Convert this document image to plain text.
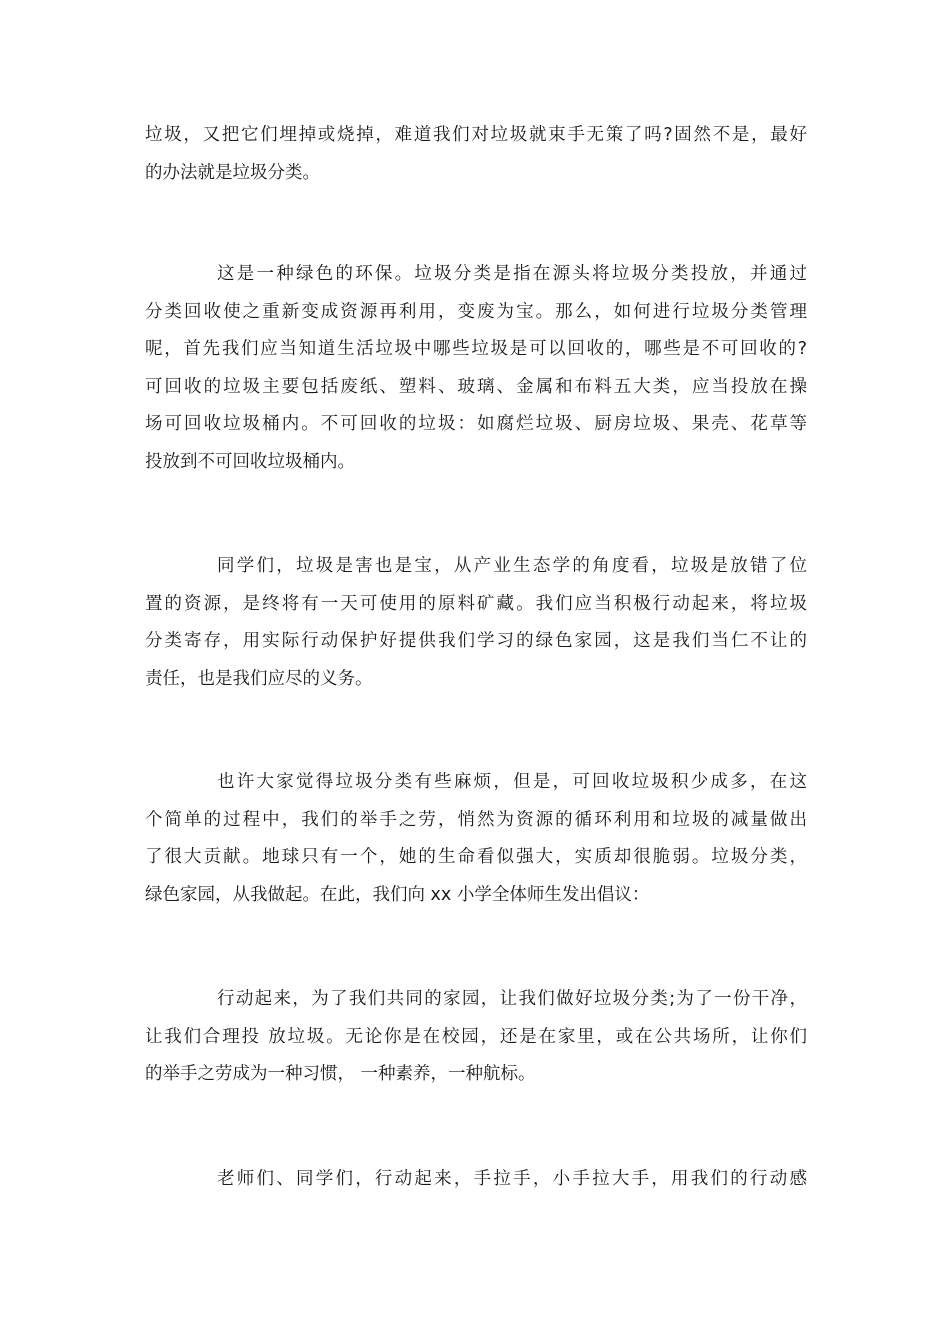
垃圾，又把它们埋掉或烧掉，难道我们对垃圾就束手无策了吗?固然不是，最好
的办法就是垃圾分类。

这是一种绿色的环保。垃圾分类是指在源头将垃圾分类投放，并通过
分类回收使之重新变成资源再利用，变废为宝。那么，如何进行垃圾分类管理
呢，首先我们应当知道生活垃圾中哪些垃圾是可以回收的，哪些是不可回收的?
可回收的垃圾主要包括废纸、塑料、玻璃、金属和布料五大类，应当投放在操
场可回收垃圾桶内。不可回收的垃圾：如腐烂垃圾、厨房垃圾、果壳、花草等
投放到不可回收垃圾桶内。

同学们，垃圾是害也是宝，从产业生态学的角度看，垃圾是放错了位
置的资源，是终将有一天可使用的原料矿藏。我们应当积极行动起来，将垃圾
分类寄存，用实际行动保护好提供我们学习的绿色家园，这是我们当仁不让的
责任，也是我们应尽的义务。

也许大家觉得垃圾分类有些麻烦，但是，可回收垃圾积少成多，在这
个简单的过程中，我们的举手之劳，悄然为资源的循环利用和垃圾的减量做出
了很大贡献。地球只有一个，她的生命看似强大，实质却很脆弱。垃圾分类，
绿色家园，从我做起。在此，我们向 xx 小学全体师生发出倡议：

行动起来，为了我们共同的家园，让我们做好垃圾分类;为了一份干净，
让我们合理投 放垃圾。无论你是在校园，还是在家里，或在公共场所，让你们
的举手之劳成为一种习惯， 一种素养，一种航标。

老师们、同学们，行动起来，手拉手，小手拉大手，用我们的行动感
